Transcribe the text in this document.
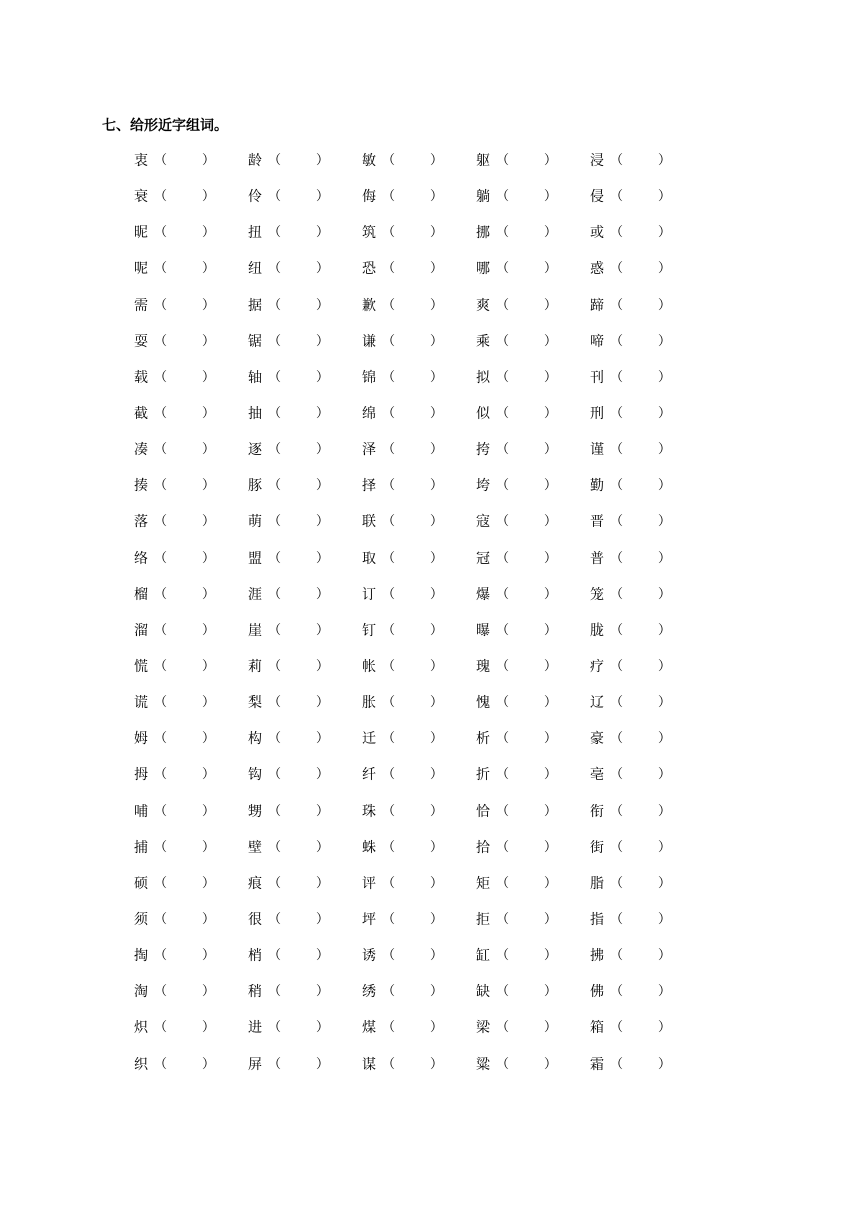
七、给形近字组词。
衷 （	） 龄 （	） 敏 （	） 躯 （	） 浸 （	）
衰 （	） 伶 （	） 侮 （	） 躺 （	） 侵 （	）
昵 （	） 扭 （	） 筑 （	） 挪 （	） 或 （	）
呢 （	） 纽 （	） 恐 （	） 哪 （	） 惑 （	）
需 （	） 据 （	） 歉 （	） 爽 （	） 蹄 （	）
耍 （	） 锯 （	） 谦 （	） 乘 （	） 啼 （	）
载 （	） 轴 （	） 锦 （	） 拟 （	） 刊 （	）
截 （	） 抽 （	） 绵 （	） 似 （	） 刑 （	）
凑 （	） 逐 （	） 泽 （	） 挎 （	） 谨 （	）
揍 （	） 豚 （	） 择 （	） 垮 （	） 勤 （	）
落 （	） 萌 （	） 联 （	） 寇 （	） 晋 （	）
络 （	） 盟 （	） 取 （	） 冠 （	） 普 （	）
榴 （	） 涯 （	） 订 （	） 爆 （	） 笼 （	）
溜 （	） 崖 （	） 钉 （	） 曝 （	） 胧 （	）
慌 （	） 莉 （	） 帐 （	） 瑰 （	） 疗 （	）
谎 （	） 梨 （	） 胀 （	） 愧 （	） 辽 （	）
姆 （	） 构 （	） 迁 （	） 析 （	） 豪 （	）
拇 （	） 钩 （	） 纤 （	） 折 （	） 亳 （	）
哺 （	） 甥 （	） 珠 （	） 恰 （	） 衔 （	）
捕 （	） 壁 （	） 蛛 （	） 拾 （	） 街 （	）
硕 （	） 痕 （	） 评 （	） 矩 （	） 脂 （	）
须 （	） 很 （	） 坪 （	） 拒 （	） 指 （	）
掏 （	） 梢 （	） 诱 （	） 缸 （	） 拂 （	）
淘 （	） 稍 （	） 绣 （	） 缺 （	） 佛 （	）
炽 （	） 进 （	） 煤 （	） 梁 （	） 箱 （	）
织 （	） 屏 （	） 谋 （	） 粱 （	） 霜 （	）
